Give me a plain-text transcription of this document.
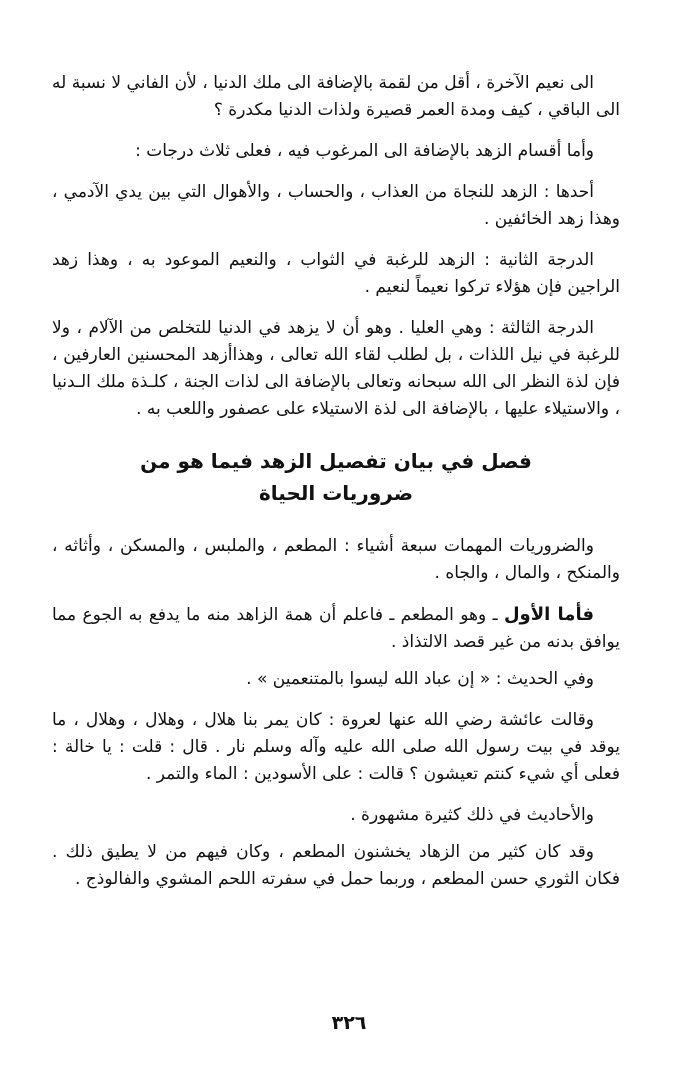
الى نعيم الآخرة ، أقل من لقمة بالإضافة الى ملك الدنيا ، لأن الفاني لا نسبة له الى الباقي ، كيف ومدة العمر قصيرة ولذات الدنيا مكدرة ؟

وأما أقسام الزهد بالإضافة الى المرغوب فيه ، فعلى ثلاث درجات :

أحدها : الزهد للنجاة من العذاب ، والحساب ، والأهوال التي بين يدي الآدمي ، وهذا زهد الخائفين .

الدرجة الثانية : الزهد للرغبة في الثواب ، والنعيم الموعود به ، وهذا زهد الراجين فإن هؤلاء تركوا نعيماً لنعيم .

الدرجة الثالثة : وهي العليا . وهو أن لا يزهد في الدنيا للتخلص من الآلام ، ولا للرغبة في نيل اللذات ، بل لطلب لقاء الله تعالى ، وهذاأزهد المحسنين العارفين ، فإن لذة النظر الى الله سبحانه وتعالى بالإضافة الى لذات الجنة ، كلـذة ملك الـدنيا ، والاستيلاء عليها ، بالإضافة الى لذة الاستيلاء على عصفور واللعب به .

فصل في بيان تفصيل الزهد فيما هو من
ضروريات الحياة

والضروريات المهمات سبعة أشياء : المطعم ، والملبس ، والمسكن ، وأثاثه ، والمنكح ، والمال ، والجاه .

فأما الأول ـ وهو المطعم ـ فاعلم أن همة الزاهد منه ما يدفع به الجوع مما يوافق بدنه من غير قصد الالتذاذ .

وفي الحديث : « إن عباد الله ليسوا بالمتنعمين » .

وقالت عائشة رضي الله عنها لعروة : كان يمر بنا هلال ، وهلال ، وهلال ، ما يوقد في بيت رسول الله صلى الله عليه وآله وسلم نار . قال : قلت : يا خالة : فعلى أي شيء كنتم تعيشون ؟ قالت : على الأسودين : الماء والتمر .

والأحاديث في ذلك كثيرة مشهورة .

وقد كان كثير من الزهاد يخشنون المطعم ، وكان فيهم من لا يطيق ذلك . فكان الثوري حسن المطعم ، وربما حمل في سفرته اللحم المشوي والفالوذج .

٣٢٦
